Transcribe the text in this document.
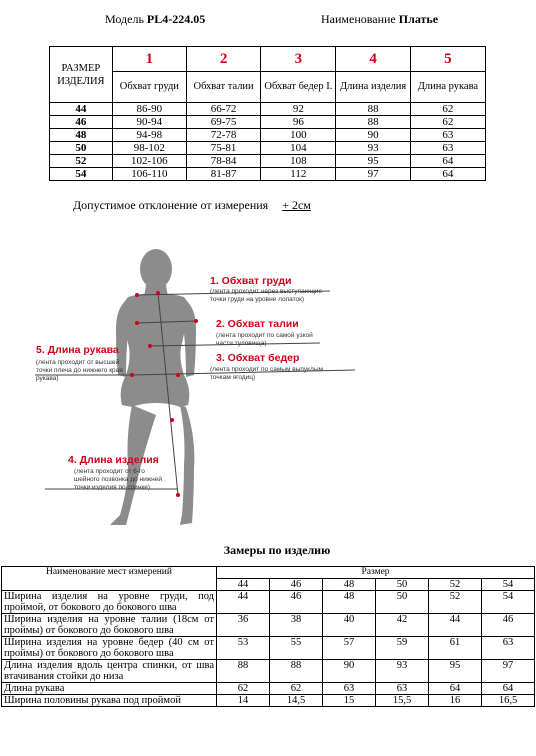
Модель PL4-224.05	Наименование Платье
РАЗМЕР
ИЗДЕЛИЯ	1	2	3	4	5
	Обхват груди	Обхват талии	Обхват бедер I.	Длина изделия	Длина рукава
44	86-90	66-72	92	88	62
46	90-94	69-75	96	88	62
48	94-98	72-78	100	90	63
50	98-102	75-81	104	93	63
52	102-106	78-84	108	95	64
54	106-110	81-87	112	97	64
Допустимое отклонение от измерения + 2см
1. Обхват груди
(лента проходит через выступающие точки груди на уровне лопаток)
2. Обхват талии
(лента проходит по самой узкой части туловища)
3. Обхват бедер
(лента проходит по самым выпуклым точкам ягодиц)
5. Длина рукава
(лента проходит от высшей точки плеча до нижнего края рукава)
4. Длина изделия
(лента проходит от 6-го шейного позвонка до нижней точки изделия по спинке)
Замеры по изделию
Наименование мест измерений	Размер					
	44	46	48	50	52	54
Ширина изделия на уровне груди, под проймой, от бокового до бокового шва	44	46	48	50	52	54
Ширина изделия на уровне талии (18см от проймы) от бокового до бокового шва	36	38	40	42	44	46
Ширина изделия на уровне бедер (40 см от проймы) от бокового до бокового шва	53	55	57	59	61	63
Длина изделия вдоль центра спинки, от шва втачивания стойки до низа	88	88	90	93	95	97
Длина рукава	62	62	63	63	64	64
Ширина половины рукава под проймой	14	14,5	15	15,5	16	16,5
